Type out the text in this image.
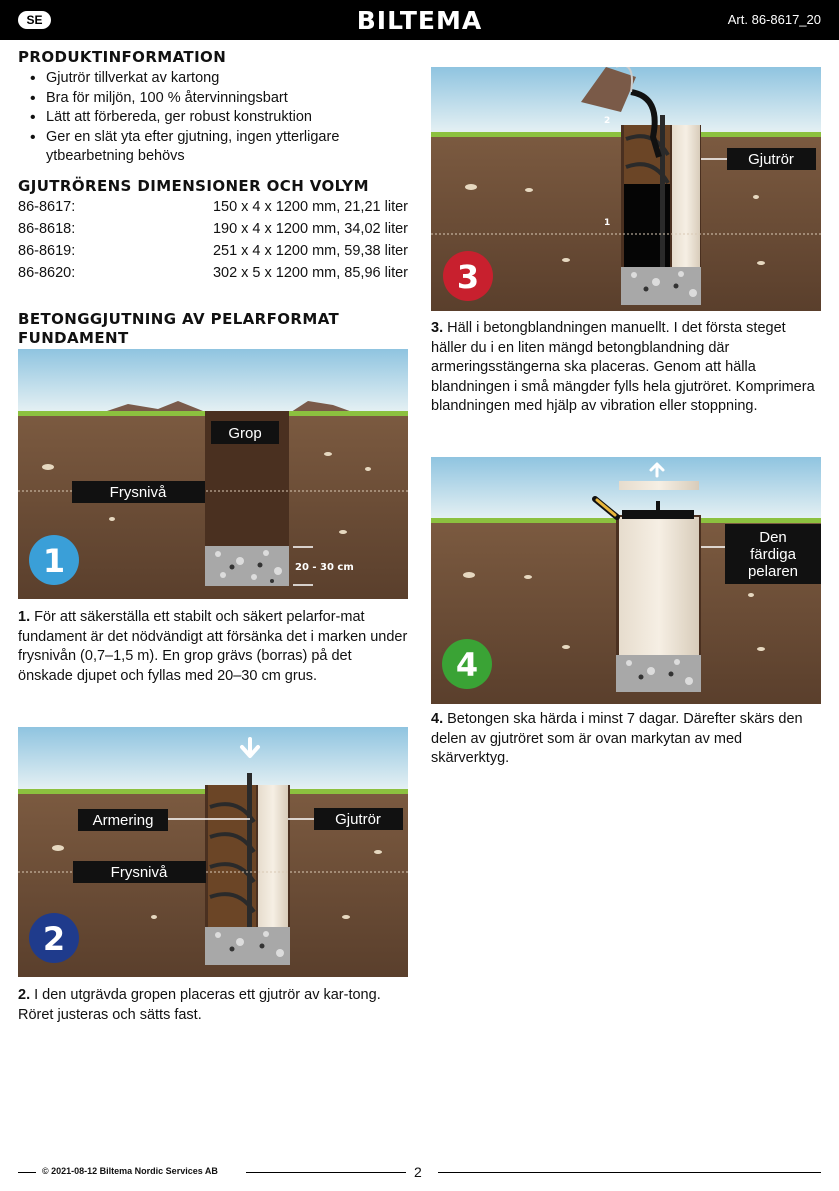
SE	BILTEMA	Art. 86-8617_20
PRODUKTINFORMATION
• Gjutrör tillverkat av kartong
• Bra för miljön, 100 % återvinningsbart
• Lätt att förbereda, ger robust konstruktion
• Ger en slät yta efter gjutning, ingen ytterligare ytbearbetning behövs
GJUTRÖRENS DIMENSIONER OCH VOLYM
86-8617:	150 x 4 x 1200 mm, 21,21 liter
86-8618:	190 x 4 x 1200 mm, 34,02 liter
86-8619:	251 x 4 x 1200 mm, 59,38 liter
86-8620:	302 x 5 x 1200 mm, 85,96 liter
BETONGGJUTNING AV PELARFORMAT
FUNDAMENT
Grop
Frysnivå
20 - 30 cm
1
1. För att säkerställa ett stabilt och säkert pelarfor-mat fundament är det nödvändigt att försänka det i marken under frysnivån (0,7–1,5 m). En grop grävs (borras) på det önskade djupet och fyllas med 20–30 cm grus.
Armering	Gjutrör
Frysnivå
2
2. I den utgrävda gropen placeras ett gjutrör av kar-tong. Röret justeras och sätts fast.
2
1
Gjutrör
3
3. Häll i betongblandningen manuellt. I det första steget häller du i en liten mängd betongblandning där armeringsstängerna ska placeras. Genom att hälla blandningen i små mängder fylls hela gjutröret. Komprimera blandningen med hjälp av vibration eller stoppning.
Den
färdiga
pelaren
4
4. Betongen ska härda i minst 7 dagar. Därefter skärs den delen av gjutröret som är ovan markytan av med skärverktyg.
© 2021-08-12 Biltema Nordic Services AB	2
